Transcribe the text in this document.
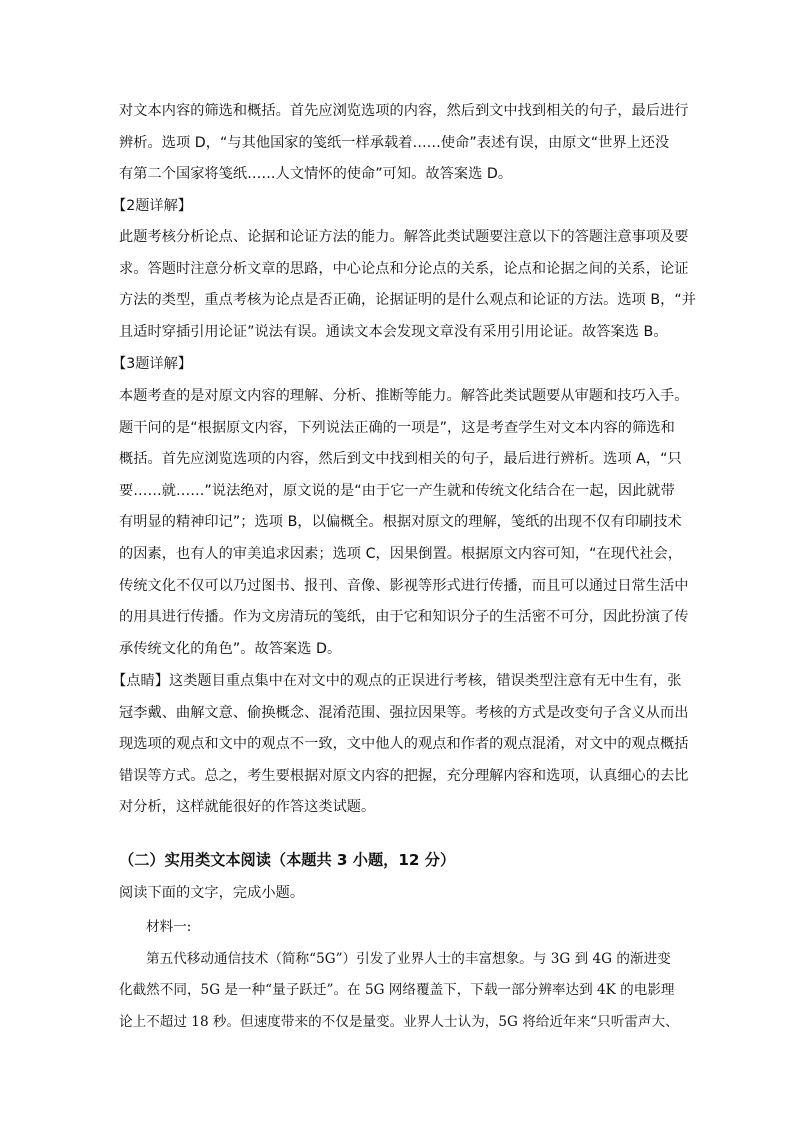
对文本内容的筛选和概括。首先应浏览选项的内容，然后到文中找到相关的句子，最后进行
辨析。选项 D，“与其他国家的笺纸一样承载着……使命”表述有误，由原文“世界上还没
有第二个国家将笺纸……人文情怀的使命”可知。故答案选 D。
【2题详解】
此题考核分析论点、论据和论证方法的能力。解答此类试题要注意以下的答题注意事项及要
求。答题时注意分析文章的思路，中心论点和分论点的关系，论点和论据之间的关系，论证
方法的类型，重点考核为论点是否正确，论据证明的是什么观点和论证的方法。选项 B，“并
且适时穿插引用论证”说法有误。通读文本会发现文章没有采用引用论证。故答案选 B。
【3题详解】
本题考查的是对原文内容的理解、分析、推断等能力。解答此类试题要从审题和技巧入手。
题干问的是“根据原文内容，下列说法正确的一项是”，这是考查学生对文本内容的筛选和
概括。首先应浏览选项的内容，然后到文中找到相关的句子，最后进行辨析。选项 A，“只
要……就……”说法绝对，原文说的是“由于它一产生就和传统文化结合在一起，因此就带
有明显的精神印记”；选项 B，以偏概全。根据对原文的理解，笺纸的出现不仅有印刷技术
的因素，也有人的审美追求因素；选项 C，因果倒置。根据原文内容可知，“在现代社会，
传统文化不仅可以乃过图书、报刊、音像、影视等形式进行传播，而且可以通过日常生活中
的用具进行传播。作为文房清玩的笺纸，由于它和知识分子的生活密不可分，因此扮演了传
承传统文化的角色”。故答案选 D。
【点睛】这类题目重点集中在对文中的观点的正误进行考核，错误类型注意有无中生有，张
冠李戴、曲解文意、偷换概念、混淆范围、强拉因果等。考核的方式是改变句子含义从而出
现选项的观点和文中的观点不一致，文中他人的观点和作者的观点混淆，对文中的观点概括
错误等方式。总之，考生要根据对原文内容的把握，充分理解内容和选项，认真细心的去比
对分析，这样就能很好的作答这类试题。
（二）实用类文本阅读（本题共 3 小题，12 分）
阅读下面的文字，完成小题。
材料一:
第五代移动通信技术（简称“5G”）引发了业界人士的丰富想象。与 3G 到 4G 的渐进变
化截然不同，5G 是一种“量子跃迁”。在 5G 网络覆盖下，下载一部分辨率达到 4K 的电影理
论上不超过 18 秒。但速度带来的不仅是量变。业界人士认为，5G 将给近年来“只听雷声大、
